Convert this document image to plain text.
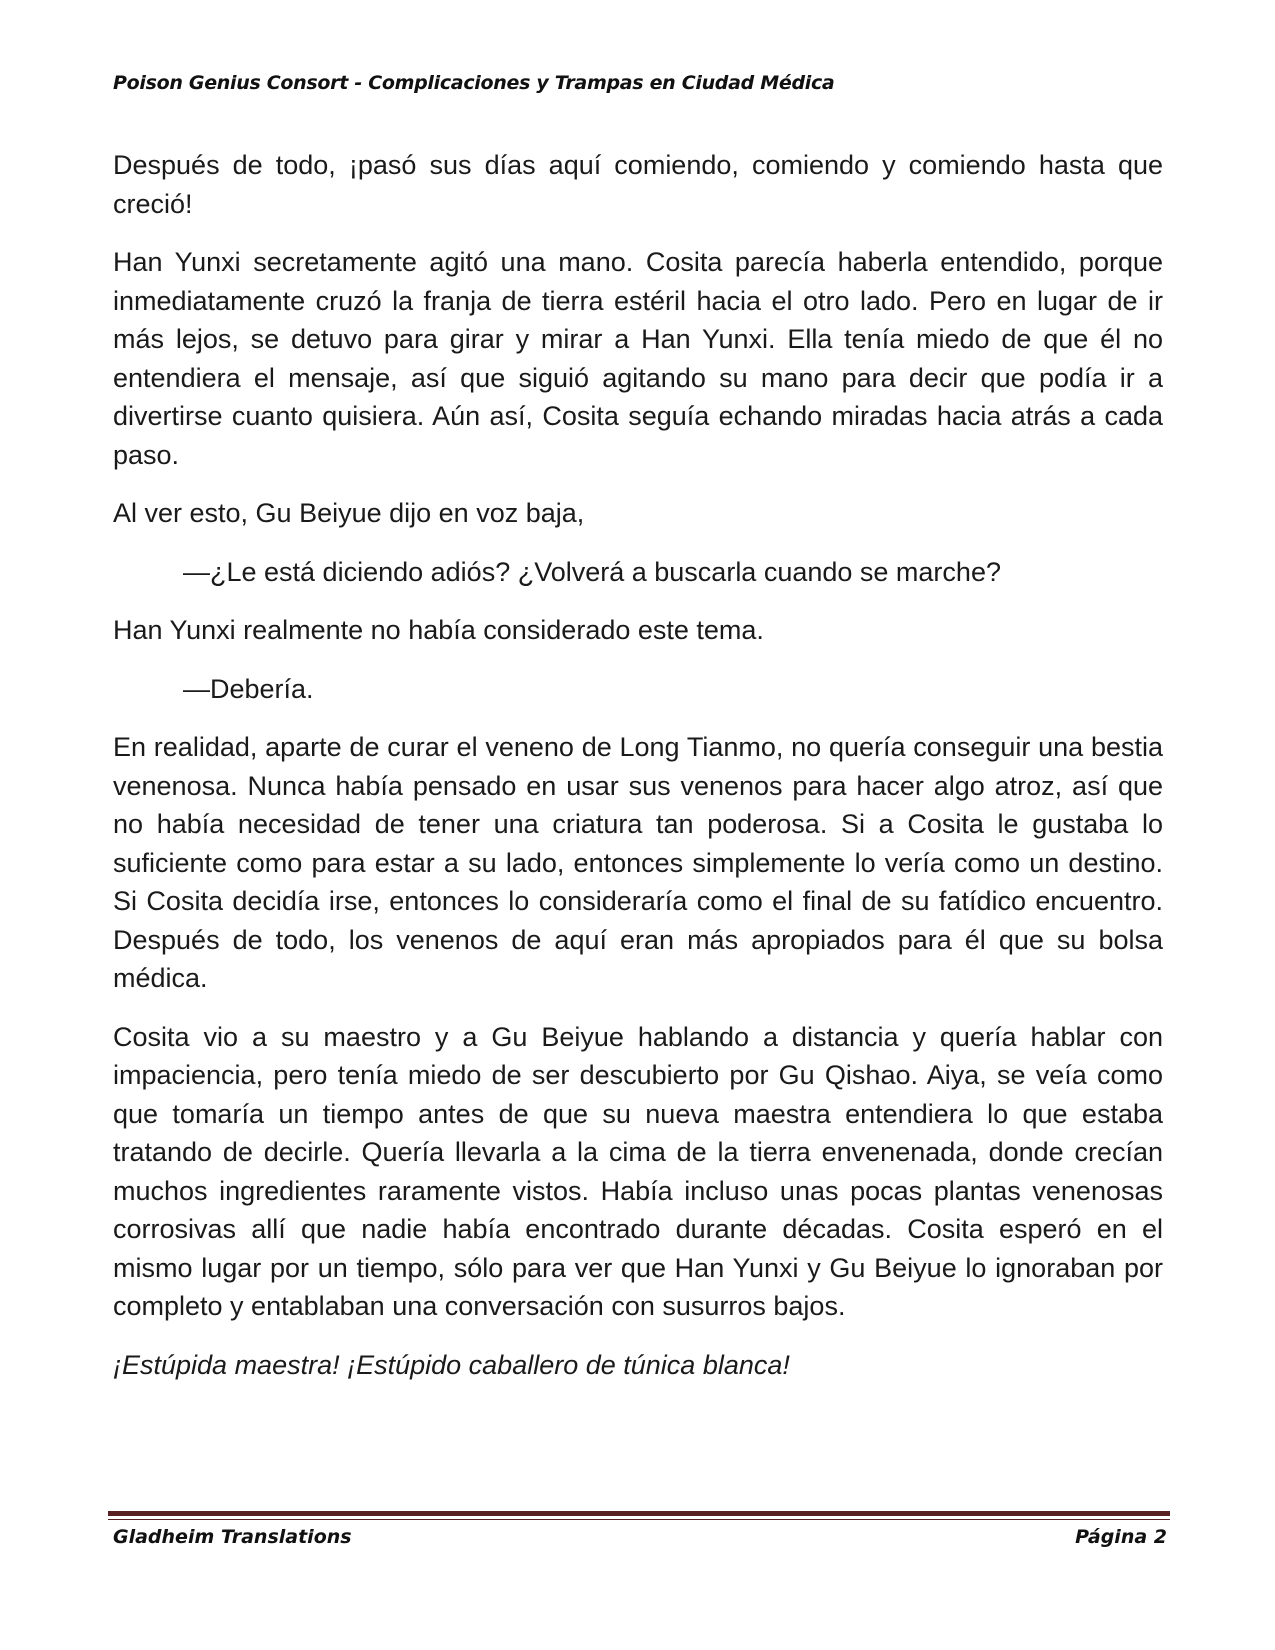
Poison Genius Consort - Complicaciones y Trampas en Ciudad Médica

Después de todo, ¡pasó sus días aquí comiendo, comiendo y comiendo hasta que creció!

Han Yunxi secretamente agitó una mano. Cosita parecía haberla entendido, porque inmediatamente cruzó la franja de tierra estéril hacia el otro lado. Pero en lugar de ir más lejos, se detuvo para girar y mirar a Han Yunxi. Ella tenía miedo de que él no entendiera el mensaje, así que siguió agitando su mano para decir que podía ir a divertirse cuanto quisiera. Aún así, Cosita seguía echando miradas hacia atrás a cada paso.

Al ver esto, Gu Beiyue dijo en voz baja,

—¿Le está diciendo adiós? ¿Volverá a buscarla cuando se marche?

Han Yunxi realmente no había considerado este tema.

—Debería.

En realidad, aparte de curar el veneno de Long Tianmo, no quería conseguir una bestia venenosa. Nunca había pensado en usar sus venenos para hacer algo atroz, así que no había necesidad de tener una criatura tan poderosa. Si a Cosita le gustaba lo suficiente como para estar a su lado, entonces simplemente lo vería como un destino. Si Cosita decidía irse, entonces lo consideraría como el final de su fatídico encuentro. Después de todo, los venenos de aquí eran más apropiados para él que su bolsa médica.

Cosita vio a su maestro y a Gu Beiyue hablando a distancia y quería hablar con impaciencia, pero tenía miedo de ser descubierto por Gu Qishao. Aiya, se veía como que tomaría un tiempo antes de que su nueva maestra entendiera lo que estaba tratando de decirle. Quería llevarla a la cima de la tierra envenenada, donde crecían muchos ingredientes raramente vistos. Había incluso unas pocas plantas venenosas corrosivas allí que nadie había encontrado durante décadas. Cosita esperó en el mismo lugar por un tiempo, sólo para ver que Han Yunxi y Gu Beiyue lo ignoraban por completo y entablaban una conversación con susurros bajos.

¡Estúpida maestra! ¡Estúpido caballero de túnica blanca!

Gladheim Translations	Página 2
